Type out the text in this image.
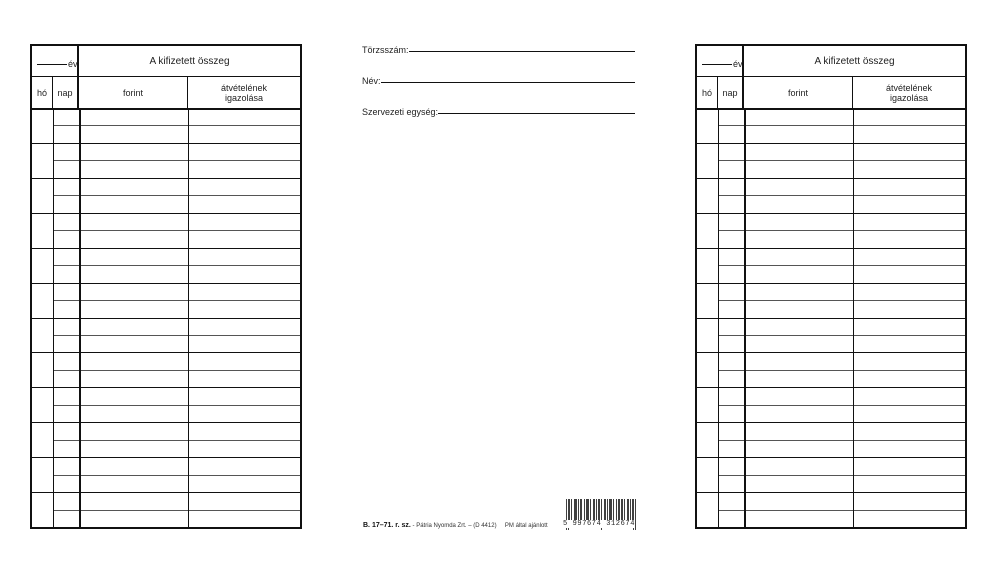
év	A kifizetett összeg
hó	nap	forint	átvételének
igazolása
év	A kifizetett összeg
hó	nap	forint	átvételének
igazolása
Törzsszám:
Név:
Szervezeti egység:
B. 17–71. r. sz. - Pátria Nyomda Zrt. – (D 4412) PM által ajánlott 5 997674 312674
